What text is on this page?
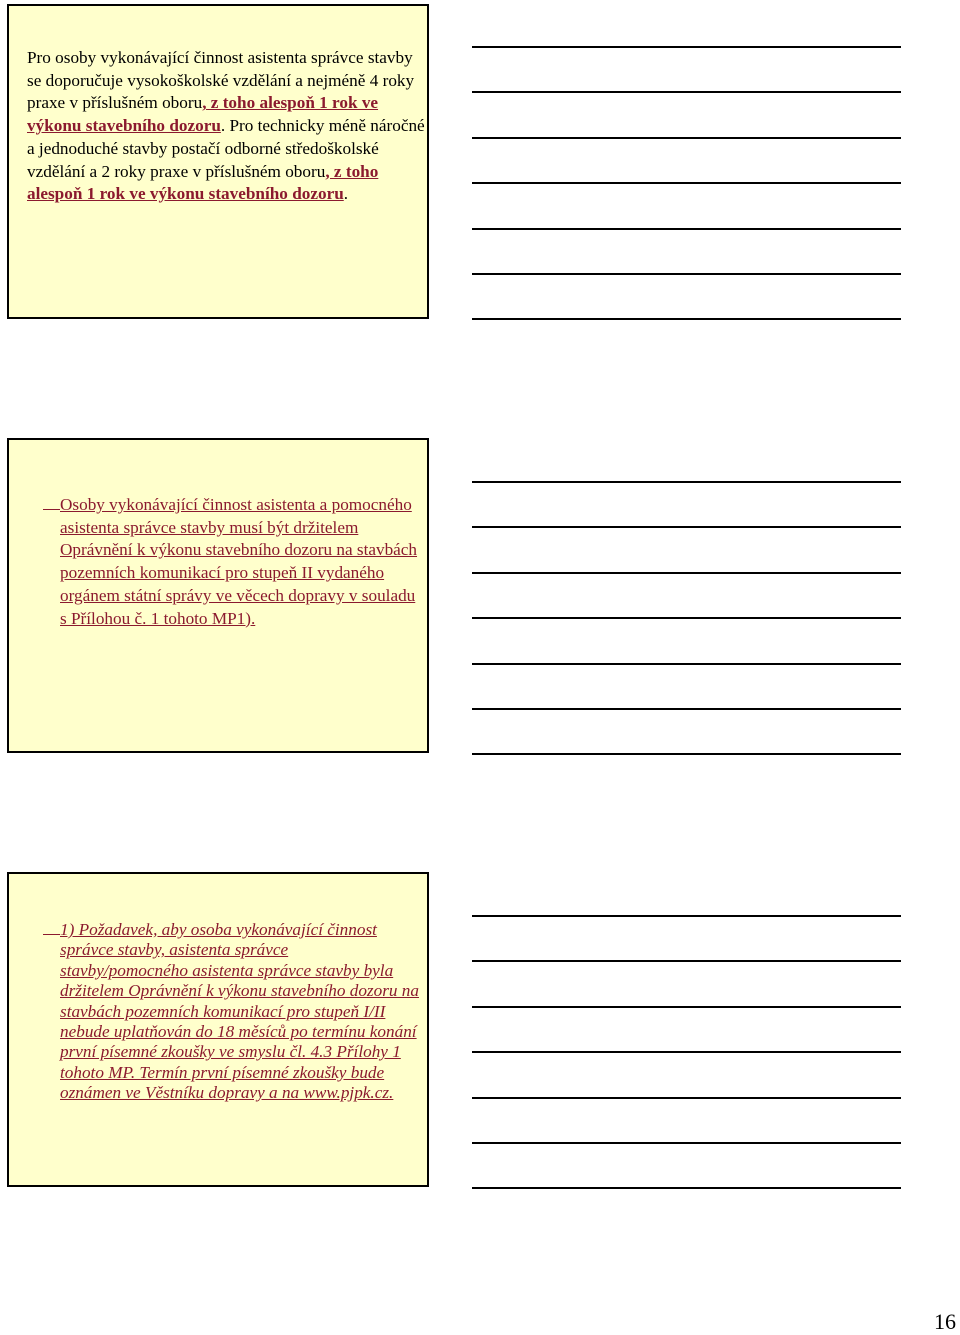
Pro osoby vykonávající činnost asistenta správce stavby se doporučuje vysokoškolské vzdělání a nejméně 4 roky praxe v příslušném oboru, z toho alespoň 1 rok ve výkonu stavebního dozoru. Pro technicky méně náročné a jednoduché stavby postačí odborné středoškolské vzdělání a 2 roky praxe v příslušném oboru, z toho alespoň 1 rok ve výkonu stavebního dozoru.
Osoby vykonávající činnost asistenta a pomocného asistenta správce stavby musí být držitelem Oprávnění k výkonu stavebního dozoru na stavbách pozemních komunikací pro stupeň II vydaného orgánem státní správy ve věcech dopravy v souladu s Přílohou č. 1 tohoto MP1).
1) Požadavek, aby osoba vykonávající činnost správce stavby, asistenta správce stavby/pomocného asistenta správce stavby byla držitelem Oprávnění k výkonu stavebního dozoru na stavbách pozemních komunikací pro stupeň I/II nebude uplatňován do 18 měsíců po termínu konání první písemné zkoušky ve smyslu čl. 4.3 Přílohy 1 tohoto MP. Termín první písemné zkoušky bude oznámen ve Věstníku dopravy a na www.pjpk.cz.
16
